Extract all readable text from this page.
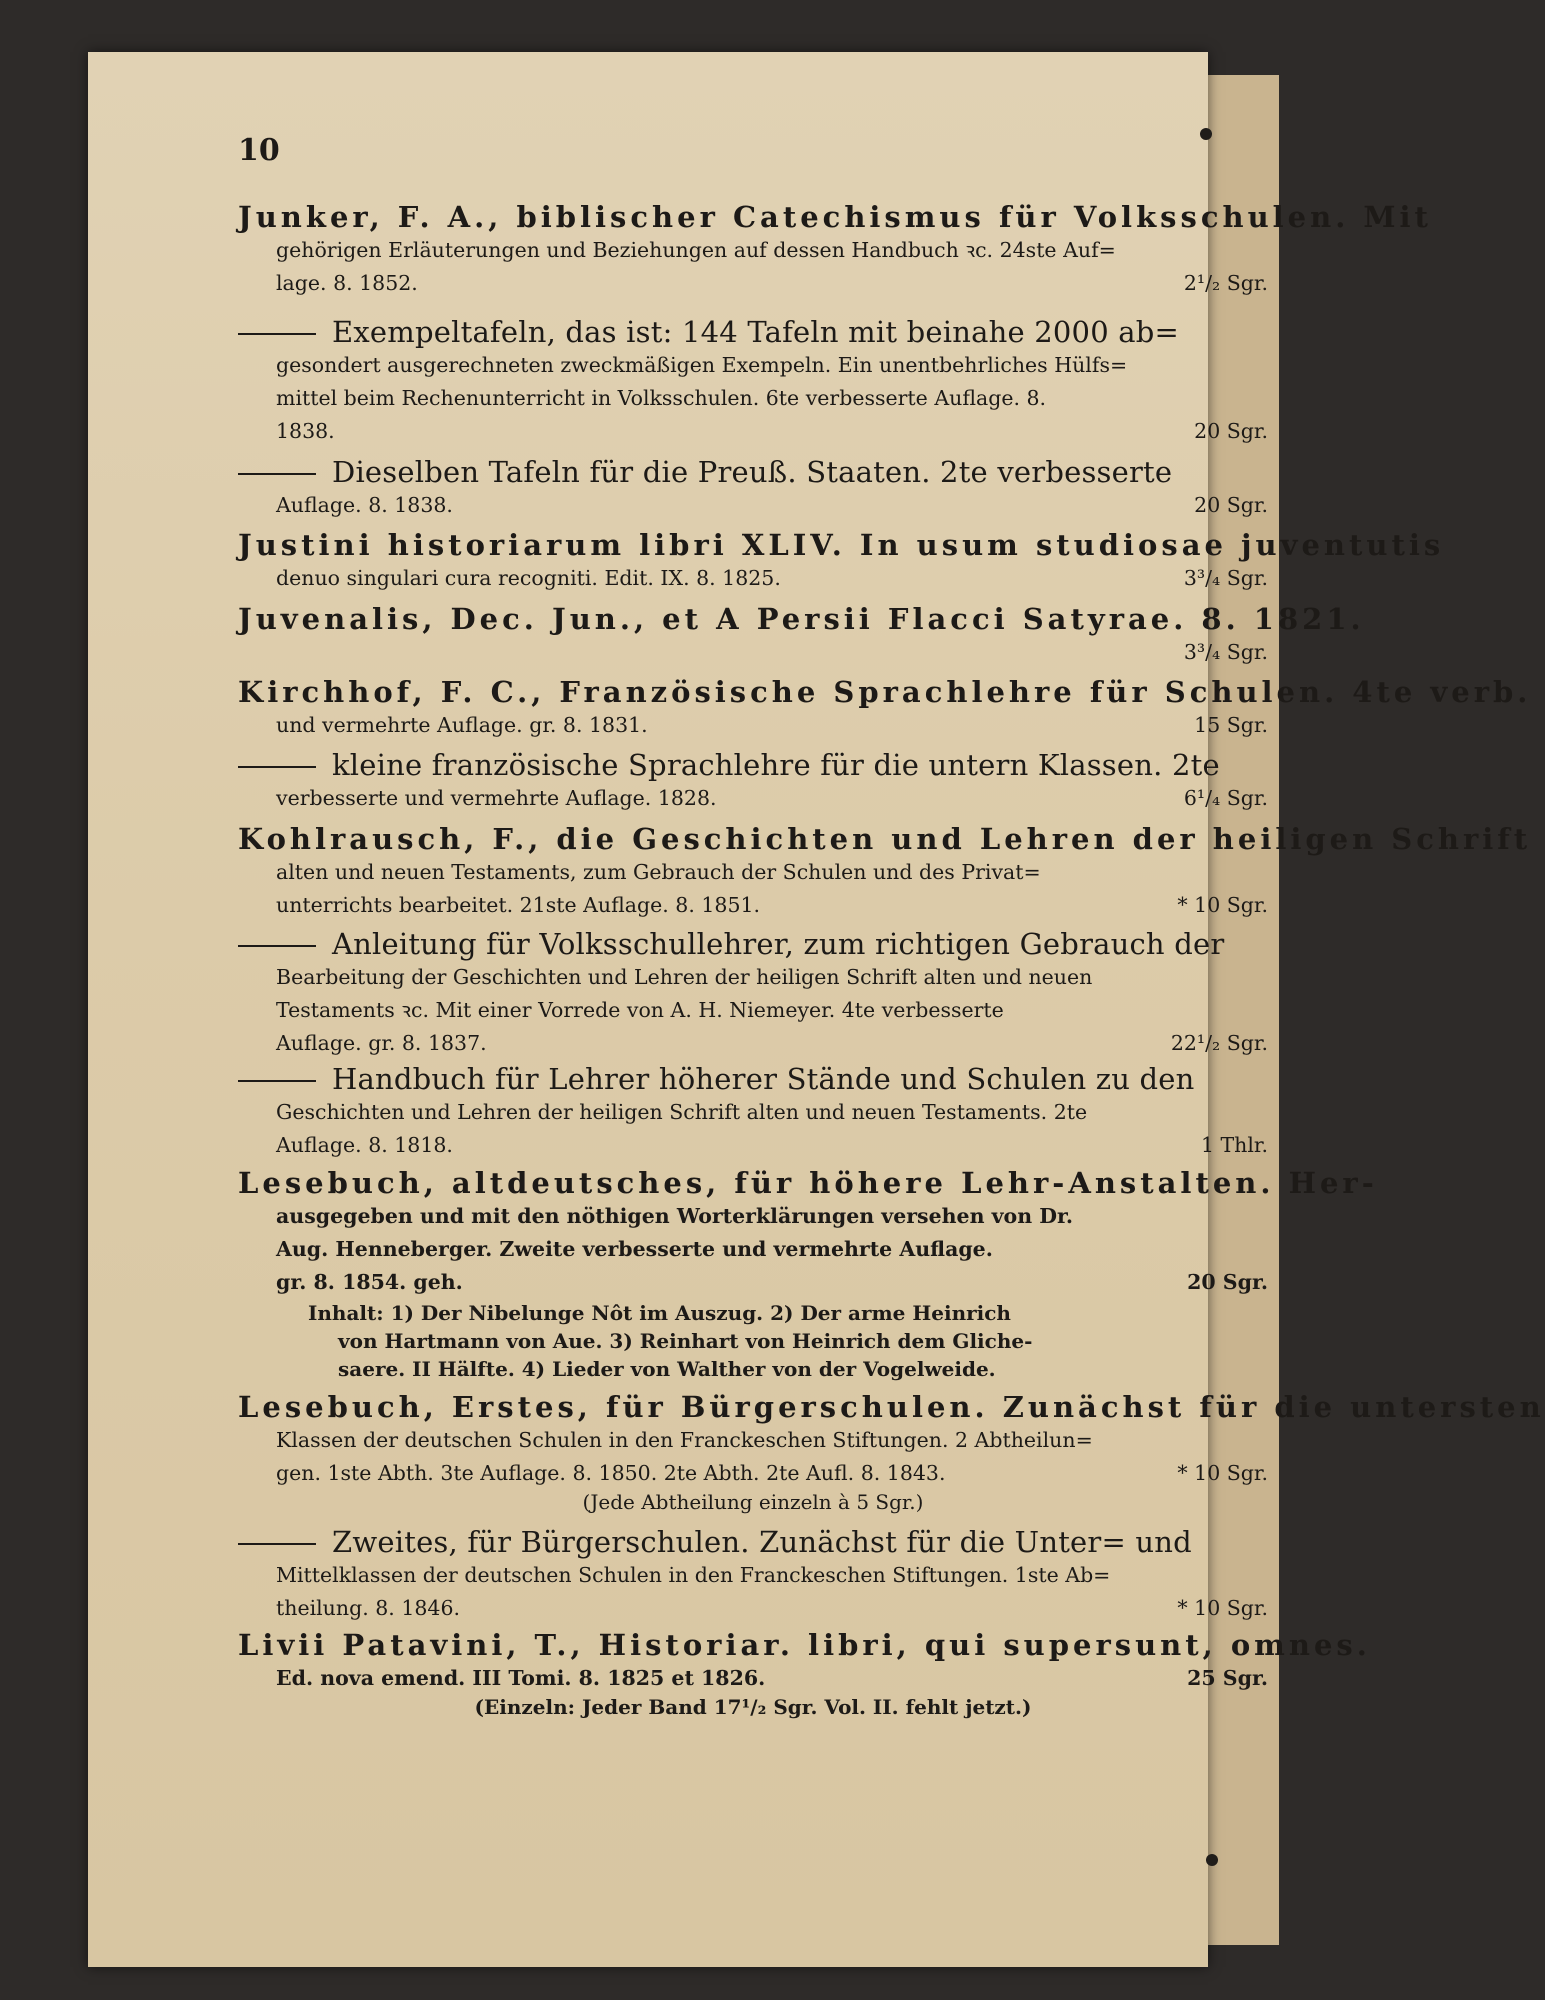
10
Junker, F. A., biblischer Catechismus für Volksschulen. Mit
gehörigen Erläuterungen und Beziehungen auf dessen Handbuch ꝛc. 24ste Auf=
lage. 8. 1852.	2¹/₂ Sgr.
Exempeltafeln, das ist: 144 Tafeln mit beinahe 2000 ab=
gesondert ausgerechneten zweckmäßigen Exempeln. Ein unentbehrliches Hülfs=
mittel beim Rechenunterricht in Volksschulen. 6te verbesserte Auflage. 8.
1838.	20 Sgr.
Dieselben Tafeln für die Preuß. Staaten. 2te verbesserte
Auflage. 8. 1838.	20 Sgr.
Justini historiarum libri XLIV. In usum studiosae juventutis
denuo singulari cura recogniti. Edit. IX. 8. 1825.	3³/₄ Sgr.
Juvenalis, Dec. Jun., et A Persii Flacci Satyrae. 8. 1821.
3³/₄ Sgr.
Kirchhof, F. C., Französische Sprachlehre für Schulen. 4te verb.
und vermehrte Auflage. gr. 8. 1831.	15 Sgr.
kleine französische Sprachlehre für die untern Klassen. 2te
verbesserte und vermehrte Auflage. 1828.	6¹/₄ Sgr.
Kohlrausch, F., die Geschichten und Lehren der heiligen Schrift
alten und neuen Testaments, zum Gebrauch der Schulen und des Privat=
unterrichts bearbeitet. 21ste Auflage. 8. 1851.	* 10 Sgr.
Anleitung für Volksschullehrer, zum richtigen Gebrauch der
Bearbeitung der Geschichten und Lehren der heiligen Schrift alten und neuen
Testaments ꝛc. Mit einer Vorrede von A. H. Niemeyer. 4te verbesserte
Auflage. gr. 8. 1837.	22¹/₂ Sgr.
Handbuch für Lehrer höherer Stände und Schulen zu den
Geschichten und Lehren der heiligen Schrift alten und neuen Testaments. 2te
Auflage. 8. 1818.	1 Thlr.
Lesebuch, altdeutsches, für höhere Lehr-Anstalten. Her-
ausgegeben und mit den nöthigen Worterklärungen versehen von Dr.
Aug. Henneberger. Zweite verbesserte und vermehrte Auflage.
gr. 8. 1854. geh.	20 Sgr.
Inhalt: 1) Der Nibelunge Nôt im Auszug. 2) Der arme Heinrich
von Hartmann von Aue. 3) Reinhart von Heinrich dem Gliche-
saere. II Hälfte. 4) Lieder von Walther von der Vogelweide.
Lesebuch, Erstes, für Bürgerschulen. Zunächst für die untersten
Klassen der deutschen Schulen in den Franckeschen Stiftungen. 2 Abtheilun=
gen. 1ste Abth. 3te Auflage. 8. 1850. 2te Abth. 2te Aufl. 8. 1843.	* 10 Sgr.
(Jede Abtheilung einzeln à 5 Sgr.)
Zweites, für Bürgerschulen. Zunächst für die Unter= und
Mittelklassen der deutschen Schulen in den Franckeschen Stiftungen. 1ste Ab=
theilung. 8. 1846.	* 10 Sgr.
Livii Patavini, T., Historiar. libri, qui supersunt, omnes.
Ed. nova emend. III Tomi. 8. 1825 et 1826.	25 Sgr.
(Einzeln: Jeder Band 17¹/₂ Sgr. Vol. II. fehlt jetzt.)
